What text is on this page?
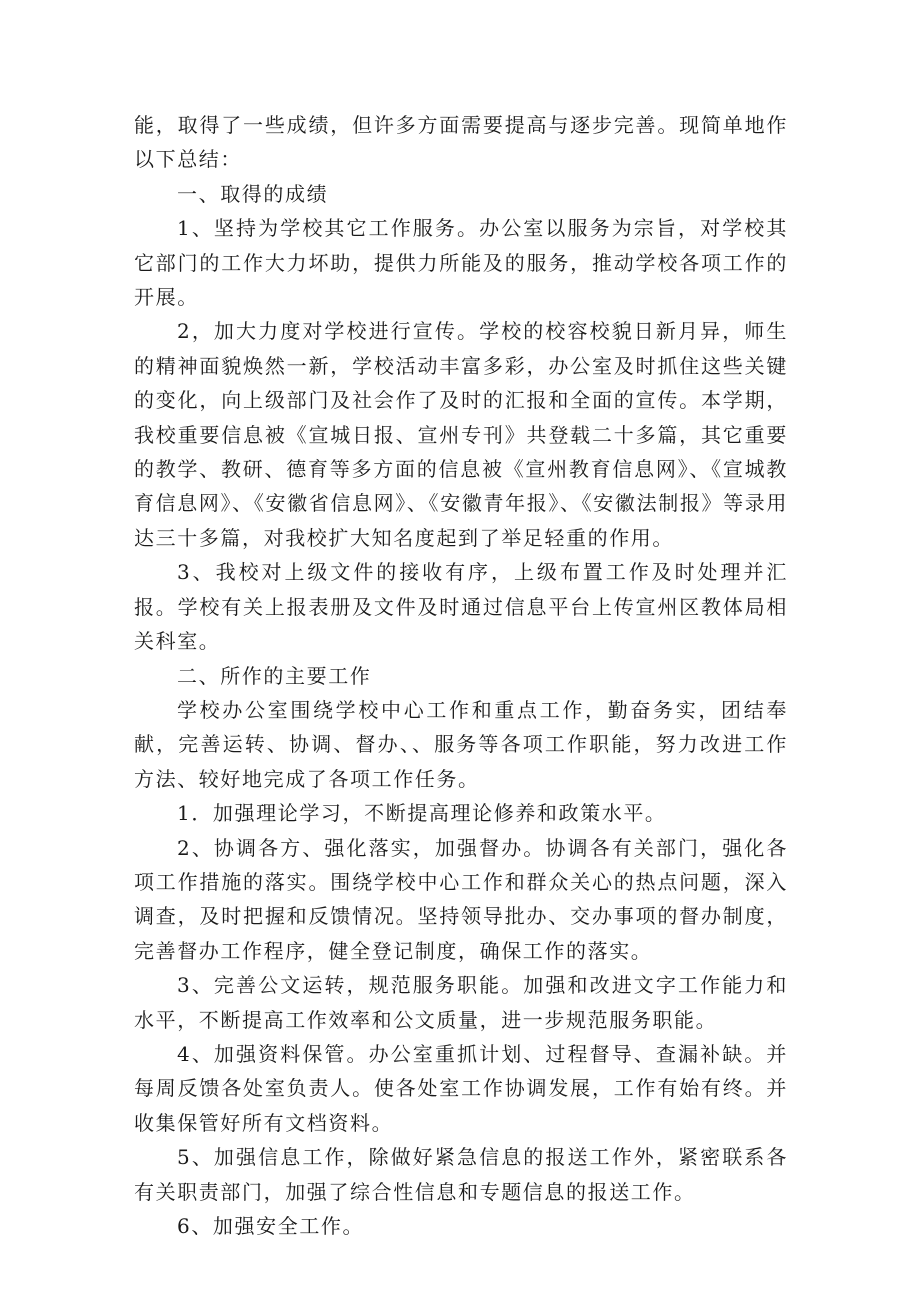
能，取得了一些成绩，但许多方面需要提高与逐步完善。现简单地作以下总结：

一、取得的成绩

1、坚持为学校其它工作服务。办公室以服务为宗旨，对学校其它部门的工作大力坏助，提供力所能及的服务，推动学校各项工作的开展。

2，加大力度对学校进行宣传。学校的校容校貌日新月异，师生的精神面貌焕然一新，学校活动丰富多彩，办公室及时抓住这些关键的变化，向上级部门及社会作了及时的汇报和全面的宣传。本学期，我校重要信息被《宣城日报、宣州专刊》共登载二十多篇，其它重要的教学、教研、德育等多方面的信息被《宣州教育信息网》、《宣城教育信息网》、《安徽省信息网》、《安徽青年报》、《安徽法制报》等录用达三十多篇，对我校扩大知名度起到了举足轻重的作用。

3、我校对上级文件的接收有序，上级布置工作及时处理并汇报。学校有关上报表册及文件及时通过信息平台上传宣州区教体局相关科室。

二、所作的主要工作

学校办公室围绕学校中心工作和重点工作，勤奋务实，团结奉献，完善运转、协调、督办、、服务等各项工作职能，努力改进工作方法、较好地完成了各项工作任务。

1．加强理论学习，不断提高理论修养和政策水平。

2、协调各方、强化落实，加强督办。协调各有关部门，强化各项工作措施的落实。围绕学校中心工作和群众关心的热点问题，深入调查，及时把握和反馈情况。坚持领导批办、交办事项的督办制度，完善督办工作程序，健全登记制度，确保工作的落实。

3、完善公文运转，规范服务职能。加强和改进文字工作能力和水平，不断提高工作效率和公文质量，进一步规范服务职能。

4、加强资料保管。办公室重抓计划、过程督导、查漏补缺。并每周反馈各处室负责人。使各处室工作协调发展，工作有始有终。并收集保管好所有文档资料。

5、加强信息工作，除做好紧急信息的报送工作外，紧密联系各有关职责部门，加强了综合性信息和专题信息的报送工作。

6、加强安全工作。
